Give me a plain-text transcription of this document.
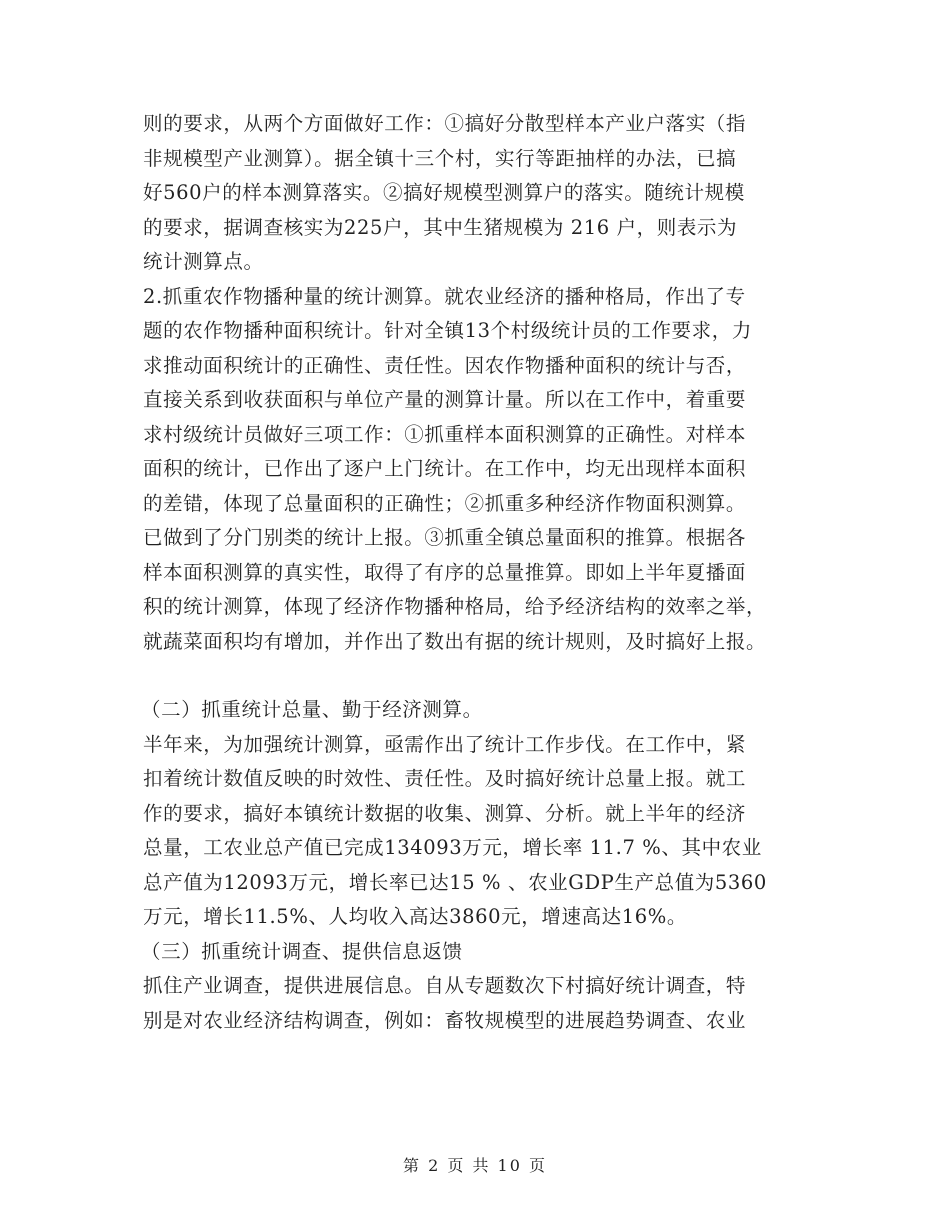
则的要求，从两个方面做好工作：①搞好分散型样本产业户落实（指
非规模型产业测算）。据全镇十三个村，实行等距抽样的办法，已搞
好560户的样本测算落实。②搞好规模型测算户的落实。随统计规模
的要求，据调查核实为225户，其中生猪规模为 216 户，则表示为
统计测算点。
2.抓重农作物播种量的统计测算。就农业经济的播种格局，作出了专
题的农作物播种面积统计。针对全镇13个村级统计员的工作要求，力
求推动面积统计的正确性、责任性。因农作物播种面积的统计与否，
直接关系到收获面积与单位产量的测算计量。所以在工作中，着重要
求村级统计员做好三项工作：①抓重样本面积测算的正确性。对样本
面积的统计，已作出了逐户上门统计。在工作中，均无出现样本面积
的差错，体现了总量面积的正确性；②抓重多种经济作物面积测算。
已做到了分门别类的统计上报。③抓重全镇总量面积的推算。根据各
样本面积测算的真实性，取得了有序的总量推算。即如上半年夏播面
积的统计测算，体现了经济作物播种格局，给予经济结构的效率之举，
就蔬菜面积均有增加，并作出了数出有据的统计规则，及时搞好上报。
（二）抓重统计总量、勤于经济测算。
半年来，为加强统计测算，亟需作出了统计工作步伐。在工作中，紧
扣着统计数值反映的时效性、责任性。及时搞好统计总量上报。就工
作的要求，搞好本镇统计数据的收集、测算、分析。就上半年的经济
总量，工农业总产值已完成134093万元，增长率 11.7 %、其中农业
总产值为12093万元，增长率已达15 % 、农业GDP生产总值为5360
万元，增长11.5%、人均收入高达3860元，增速高达16%。
（三）抓重统计调查、提供信息返馈
抓住产业调查，提供进展信息。自从专题数次下村搞好统计调查，特
别是对农业经济结构调查，例如：畜牧规模型的进展趋势调查、农业
第 2 页 共 10 页
